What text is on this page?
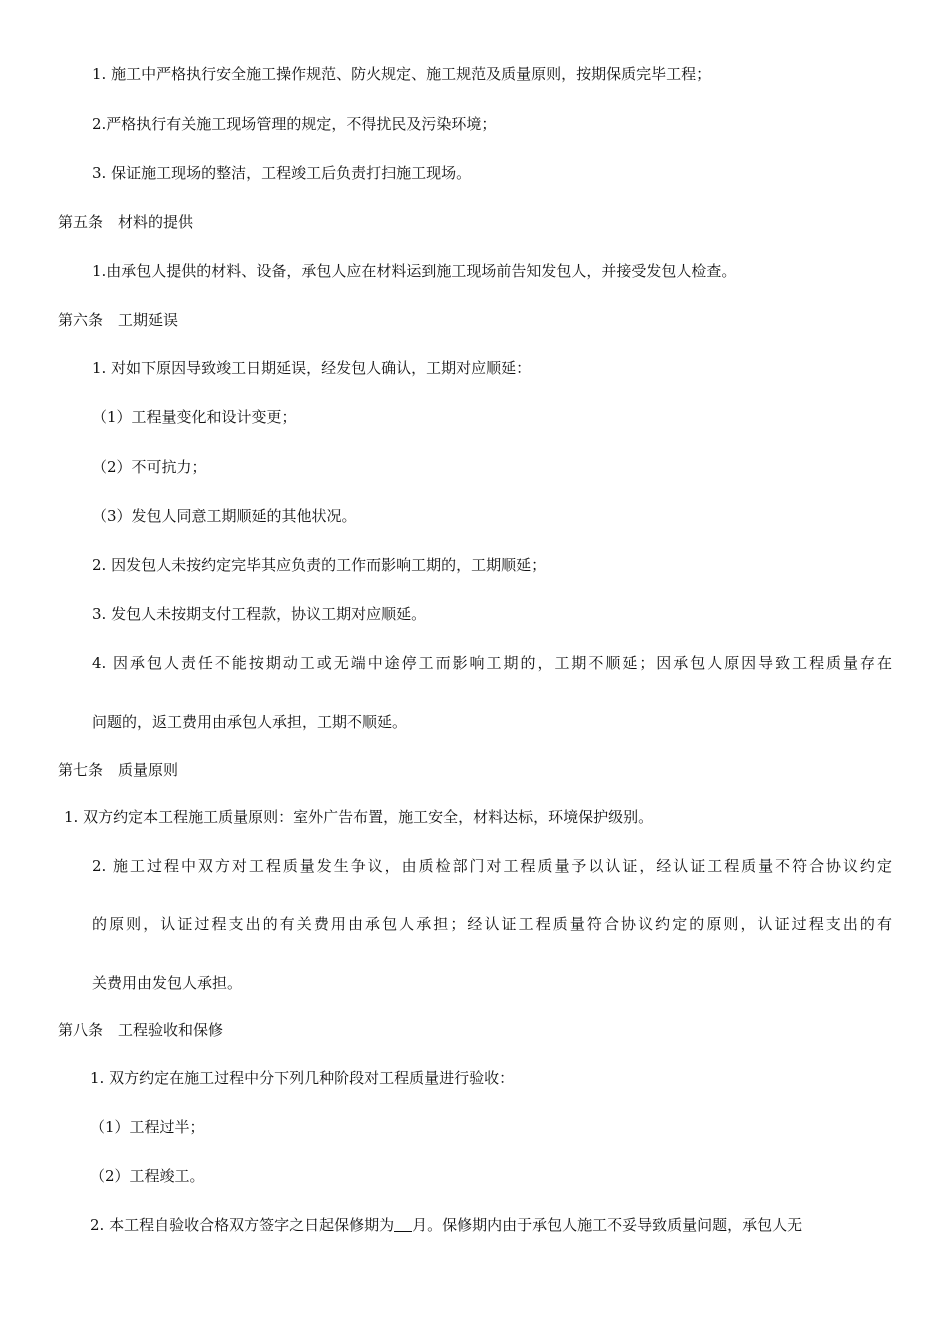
1. 施工中严格执行安全施工操作规范、防火规定、施工规范及质量原则，按期保质完毕工程；
2.严格执行有关施工现场管理的规定，不得扰民及污染环境；
3. 保证施工现场的整洁，工程竣工后负责打扫施工现场。
第五条　材料的提供
1.由承包人提供的材料、设备，承包人应在材料运到施工现场前告知发包人，并接受发包人检查。
第六条　工期延误
1. 对如下原因导致竣工日期延误，经发包人确认，工期对应顺延：
（1）工程量变化和设计变更；
（2）不可抗力；
（3）发包人同意工期顺延的其他状况。
2. 因发包人未按约定完毕其应负责的工作而影响工期的，工期顺延；
3. 发包人未按期支付工程款，协议工期对应顺延。
4. 因承包人责任不能按期动工或无端中途停工而影响工期的，工期不顺延；因承包人原因导致工程质量存在
问题的，返工费用由承包人承担，工期不顺延。
第七条　质量原则
1. 双方约定本工程施工质量原则：室外广告布置，施工安全，材料达标，环境保护级别。
2. 施工过程中双方对工程质量发生争议，由质检部门对工程质量予以认证，经认证工程质量不符合协议约定
的原则，认证过程支出的有关费用由承包人承担；经认证工程质量符合协议约定的原则，认证过程支出的有
关费用由发包人承担。
第八条　工程验收和保修
1. 双方约定在施工过程中分下列几种阶段对工程质量进行验收：
（1）工程过半；
（2）工程竣工。
2. 本工程自验收合格双方签字之日起保修期为 月。保修期内由于承包人施工不妥导致质量问题，承包人无
